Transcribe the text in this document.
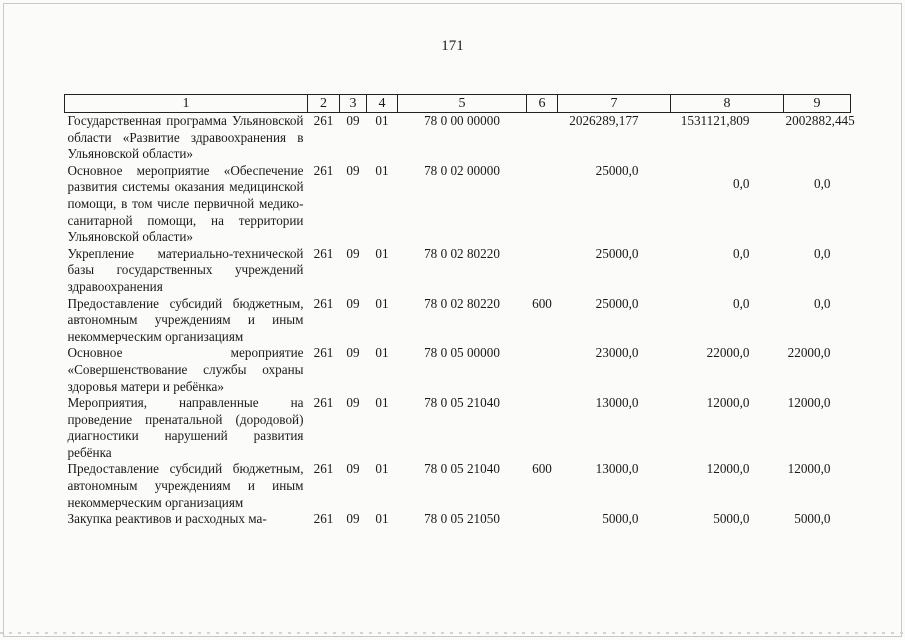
171
1	2	3	4	5	6	7	8	9
Государственная программа Ульяновской области «Развитие здравоохранения в Ульяновской области»	261	09	01	78 0 00 00000		2026289,177	1531121,809	2002882,445
Основное мероприятие «Обеспечение развития системы оказания медицинской помощи, в том числе первичной медико-санитарной помощи, на территории Ульяновской области»	261	09	01	78 0 02 00000		25000,0	0,0	0,0
Укрепление материально-технической базы государственных учреждений здравоохранения	261	09	01	78 0 02 80220		25000,0	0,0	0,0
Предоставление субсидий бюджетным, автономным учреждениям и иным некоммерческим организациям	261	09	01	78 0 02 80220	600	25000,0	0,0	0,0
Основное мероприятие «Совершенствование службы охраны здоровья матери и ребёнка»	261	09	01	78 0 05 00000		23000,0	22000,0	22000,0
Мероприятия, направленные на проведение пренатальной (дородовой) диагностики нарушений развития ребёнка	261	09	01	78 0 05 21040		13000,0	12000,0	12000,0
Предоставление субсидий бюджетным, автономным учреждениям и иным некоммерческим организациям	261	09	01	78 0 05 21040	600	13000,0	12000,0	12000,0
Закупка реактивов и расходных ма-	261	09	01	78 0 05 21050		5000,0	5000,0	5000,0
